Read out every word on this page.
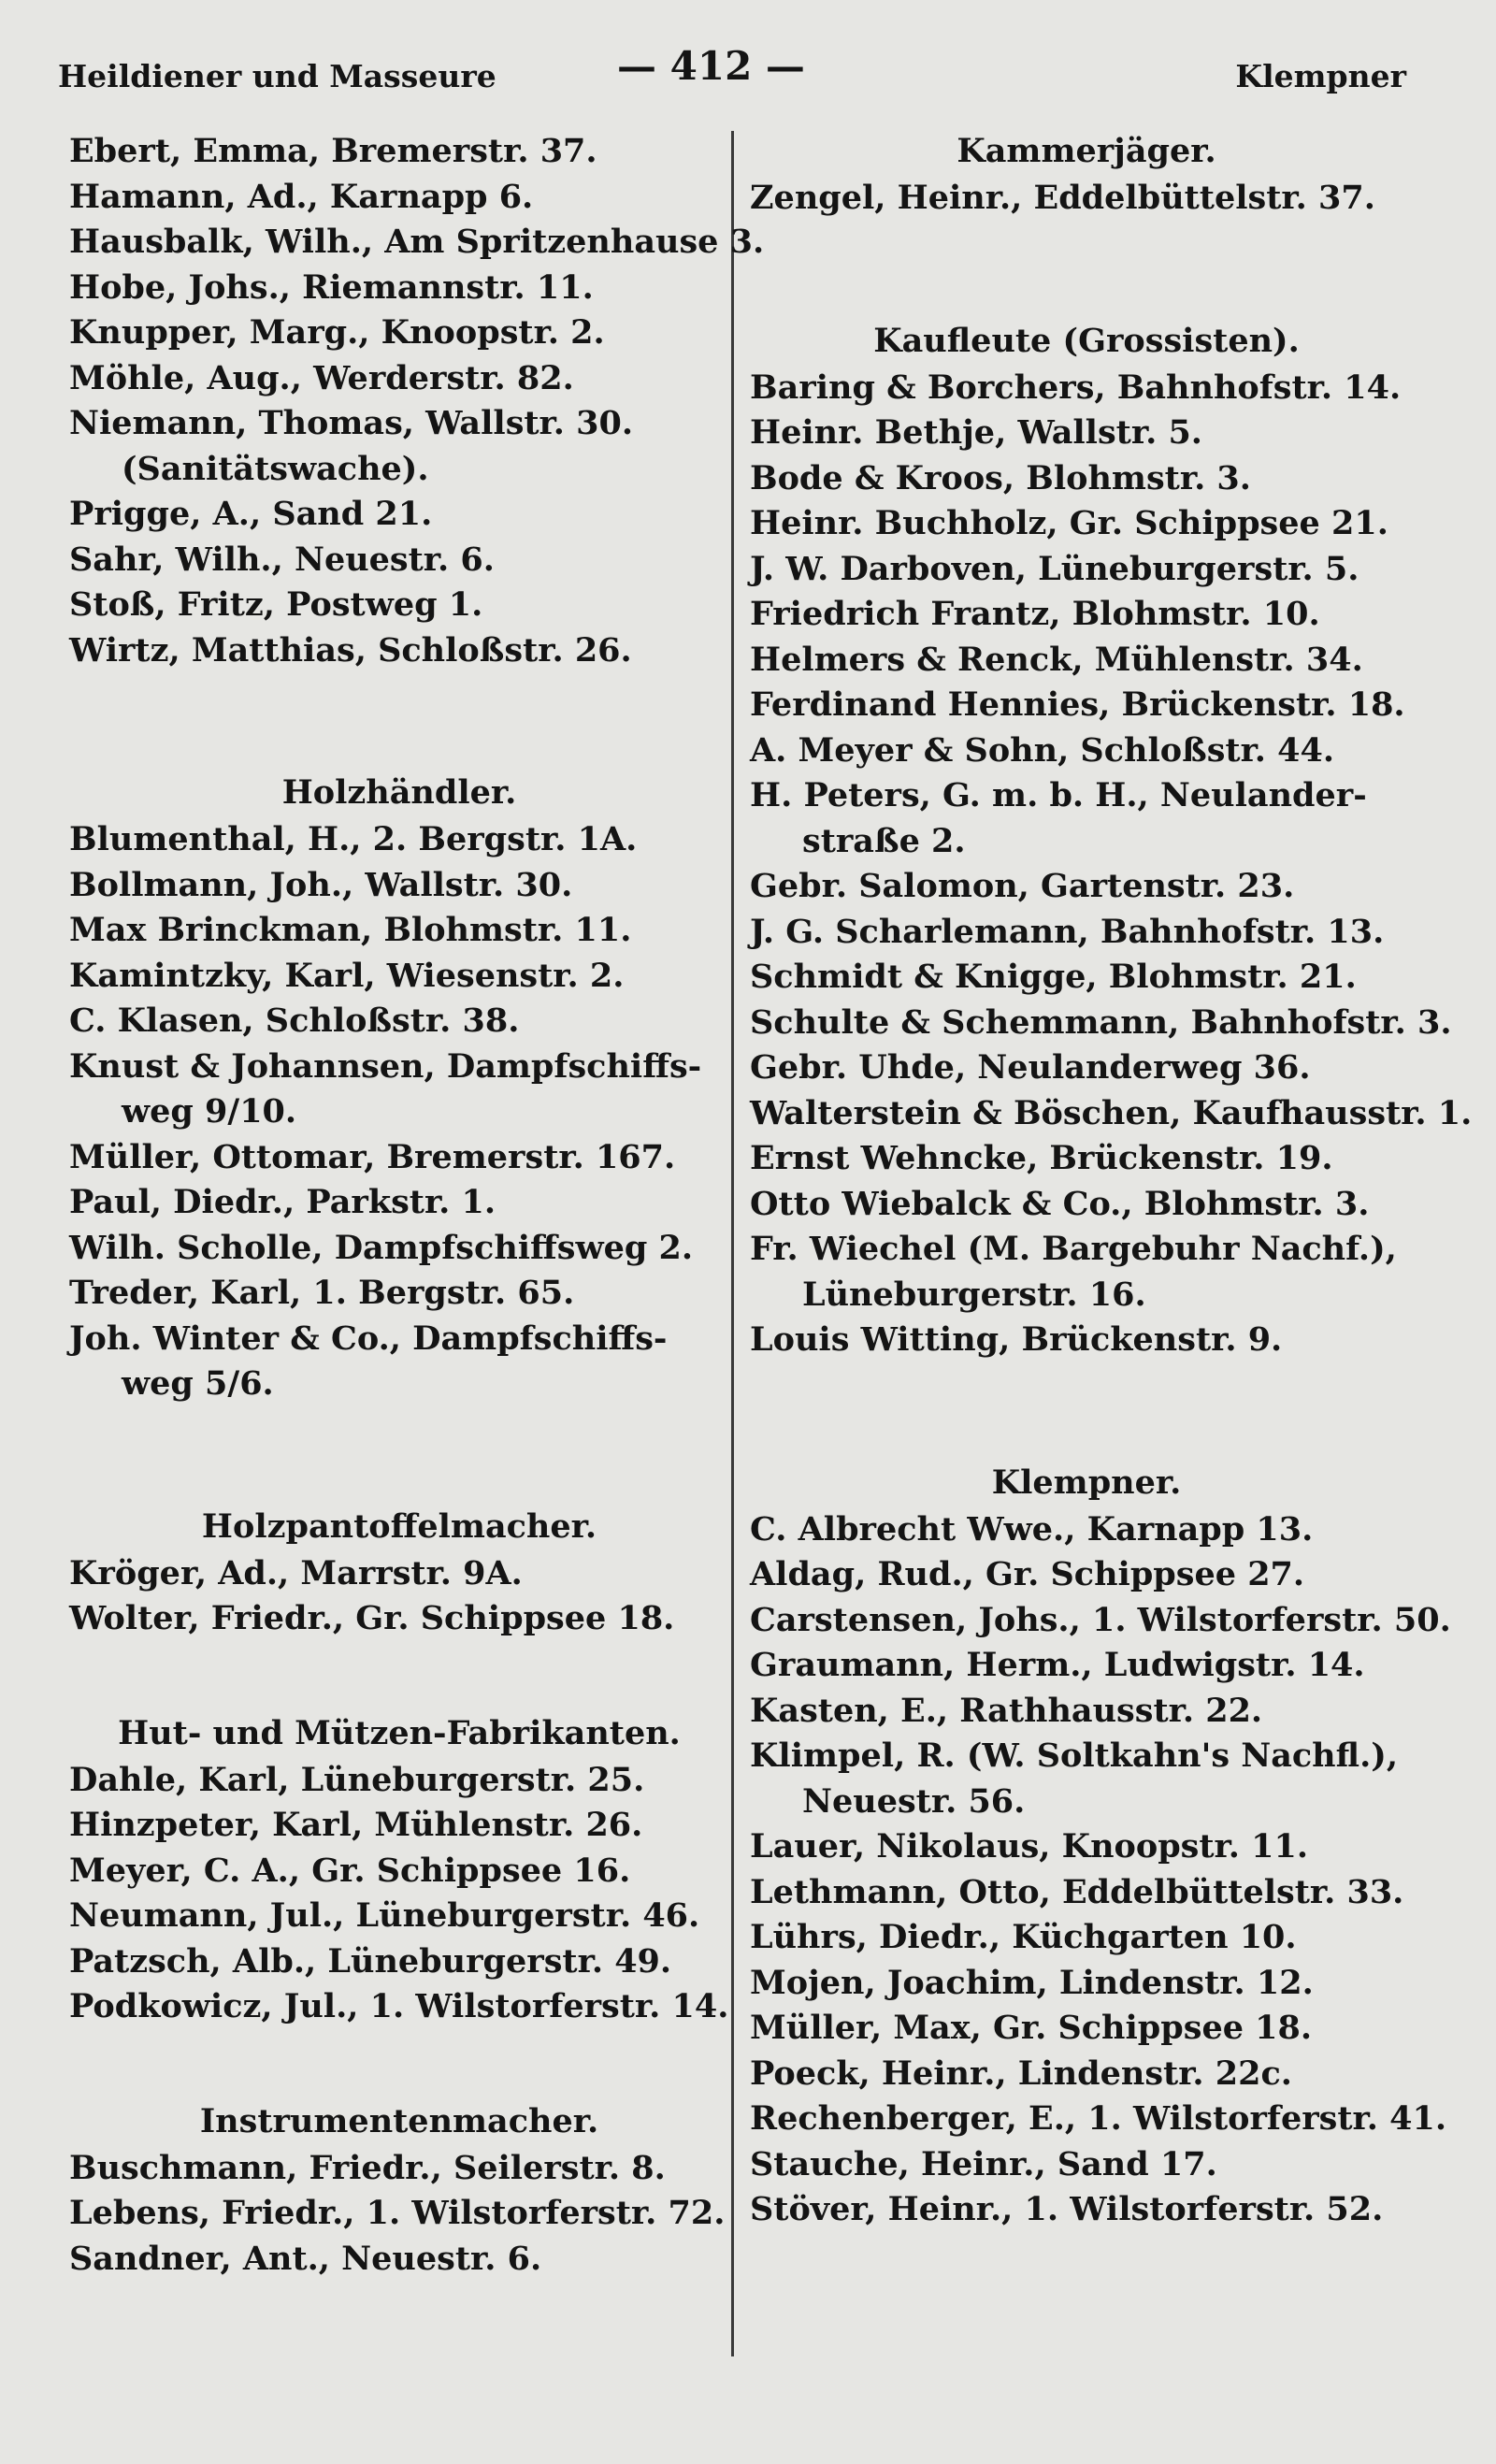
Heildiener und Masseure	— 412 —	Klempner
Ebert, Emma, Bremerstr. 37.
Hamann, Ad., Karnapp 6.
Hausbalk, Wilh., Am Spritzenhause 3.
Hobe, Johs., Riemannstr. 11.
Knupper, Marg., Knoopstr. 2.
Möhle, Aug., Werderstr. 82.
Niemann, Thomas, Wallstr. 30.
(Sanitätswache).
Prigge, A., Sand 21.
Sahr, Wilh., Neuestr. 6.
Stoß, Fritz, Postweg 1.
Wirtz, Matthias, Schloßstr. 26.
Holzhändler.
Blumenthal, H., 2. Bergstr. 1A.
Bollmann, Joh., Wallstr. 30.
Max Brinckman, Blohmstr. 11.
Kamintzky, Karl, Wiesenstr. 2.
C. Klasen, Schloßstr. 38.
Knust & Johannsen, Dampfschiffs-
weg 9/10.
Müller, Ottomar, Bremerstr. 167.
Paul, Diedr., Parkstr. 1.
Wilh. Scholle, Dampfschiffsweg 2.
Treder, Karl, 1. Bergstr. 65.
Joh. Winter & Co., Dampfschiffs-
weg 5/6.
Holzpantoffelmacher.
Kröger, Ad., Marrstr. 9A.
Wolter, Friedr., Gr. Schippsee 18.
Hut- und Mützen-Fabrikanten.
Dahle, Karl, Lüneburgerstr. 25.
Hinzpeter, Karl, Mühlenstr. 26.
Meyer, C. A., Gr. Schippsee 16.
Neumann, Jul., Lüneburgerstr. 46.
Patzsch, Alb., Lüneburgerstr. 49.
Podkowicz, Jul., 1. Wilstorferstr. 14.
Instrumentenmacher.
Buschmann, Friedr., Seilerstr. 8.
Lebens, Friedr., 1. Wilstorferstr. 72.
Sandner, Ant., Neuestr. 6.
Kammerjäger.
Zengel, Heinr., Eddelbüttelstr. 37.
Kaufleute (Grossisten).
Baring & Borchers, Bahnhofstr. 14.
Heinr. Bethje, Wallstr. 5.
Bode & Kroos, Blohmstr. 3.
Heinr. Buchholz, Gr. Schippsee 21.
J. W. Darboven, Lüneburgerstr. 5.
Friedrich Frantz, Blohmstr. 10.
Helmers & Renck, Mühlenstr. 34.
Ferdinand Hennies, Brückenstr. 18.
A. Meyer & Sohn, Schloßstr. 44.
H. Peters, G. m. b. H., Neulander-
straße 2.
Gebr. Salomon, Gartenstr. 23.
J. G. Scharlemann, Bahnhofstr. 13.
Schmidt & Knigge, Blohmstr. 21.
Schulte & Schemmann, Bahnhofstr. 3.
Gebr. Uhde, Neulanderweg 36.
Walterstein & Böschen, Kaufhausstr. 1.
Ernst Wehncke, Brückenstr. 19.
Otto Wiebalck & Co., Blohmstr. 3.
Fr. Wiechel (M. Bargebuhr Nachf.),
Lüneburgerstr. 16.
Louis Witting, Brückenstr. 9.
Klempner.
C. Albrecht Wwe., Karnapp 13.
Aldag, Rud., Gr. Schippsee 27.
Carstensen, Johs., 1. Wilstorferstr. 50.
Graumann, Herm., Ludwigstr. 14.
Kasten, E., Rathhausstr. 22.
Klimpel, R. (W. Soltkahn's Nachfl.),
Neuestr. 56.
Lauer, Nikolaus, Knoopstr. 11.
Lethmann, Otto, Eddelbüttelstr. 33.
Lührs, Diedr., Küchgarten 10.
Mojen, Joachim, Lindenstr. 12.
Müller, Max, Gr. Schippsee 18.
Poeck, Heinr., Lindenstr. 22c.
Rechenberger, E., 1. Wilstorferstr. 41.
Stauche, Heinr., Sand 17.
Stöver, Heinr., 1. Wilstorferstr. 52.
